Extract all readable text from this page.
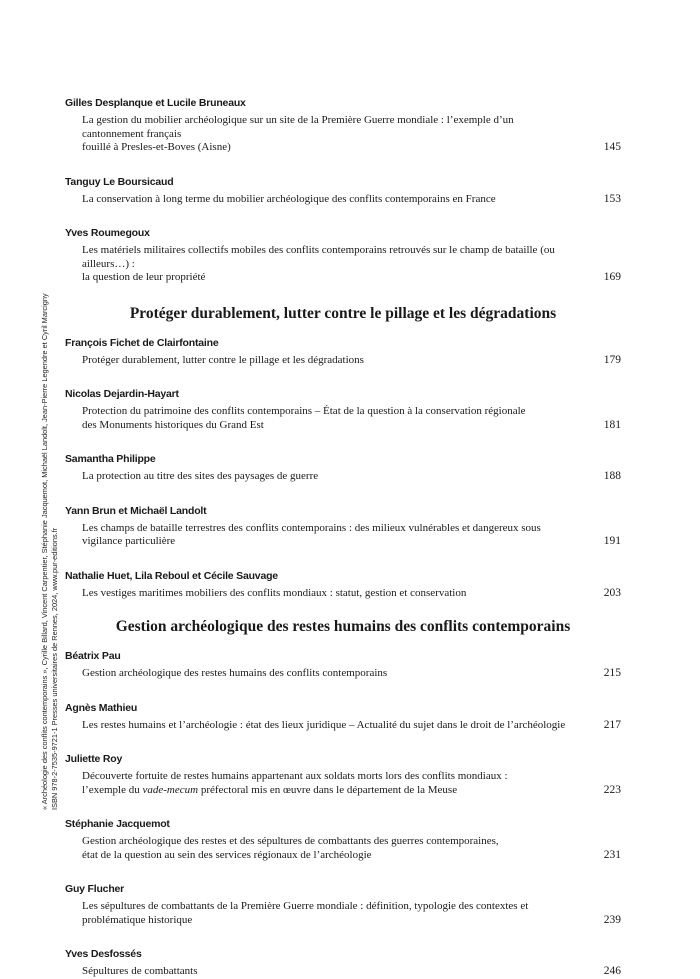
« Archéologie des conflits contemporains », Cyrille Billard, Vincent Carpentier, Stéphanie Jacquemot, Michaël Landolt, Jean-Pierre Legendre et Cyril Marcigny ISBN 978-2-7535-9721-1 Presses universitaires de Rennes, 2024, www.pur-editions.fr
Gilles Desplanque et Lucile Bruneaux
La gestion du mobilier archéologique sur un site de la Première Guerre mondiale : l’exemple d’un cantonnement français
fouillé à Presles-et-Boves (Aisne)	145
Tanguy Le Boursicaud
La conservation à long terme du mobilier archéologique des conflits contemporains en France	153
Yves Roumegoux
Les matériels militaires collectifs mobiles des conflits contemporains retrouvés sur le champ de bataille (ou ailleurs…) :
la question de leur propriété	169
Protéger durablement, lutter contre le pillage et les dégradations
François Fichet de Clairfontaine
Protéger durablement, lutter contre le pillage et les dégradations	179
Nicolas Dejardin-Hayart
Protection du patrimoine des conflits contemporains – État de la question à la conservation régionale
des Monuments historiques du Grand Est	181
Samantha Philippe
La protection au titre des sites des paysages de guerre	188
Yann Brun et Michaël Landolt
Les champs de bataille terrestres des conflits contemporains : des milieux vulnérables et dangereux sous vigilance particulière	191
Nathalie Huet, Lila Reboul et Cécile Sauvage
Les vestiges maritimes mobiliers des conflits mondiaux : statut, gestion et conservation	203
Gestion archéologique des restes humains des conflits contemporains
Béatrix Pau
Gestion archéologique des restes humains des conflits contemporains	215
Agnès Mathieu
Les restes humains et l’archéologie : état des lieux juridique – Actualité du sujet dans le droit de l’archéologie	217
Juliette Roy
Découverte fortuite de restes humains appartenant aux soldats morts lors des conflits mondiaux :
l’exemple du vade-mecum préfectoral mis en œuvre dans le département de la Meuse	223
Stéphanie Jacquemot
Gestion archéologique des restes et des sépultures de combattants des guerres contemporaines,
état de la question au sein des services régionaux de l’archéologie	231
Guy Flucher
Les sépultures de combattants de la Première Guerre mondiale : définition, typologie des contextes et problématique historique	239
Yves Desfossés
Sépultures de combattants	246
